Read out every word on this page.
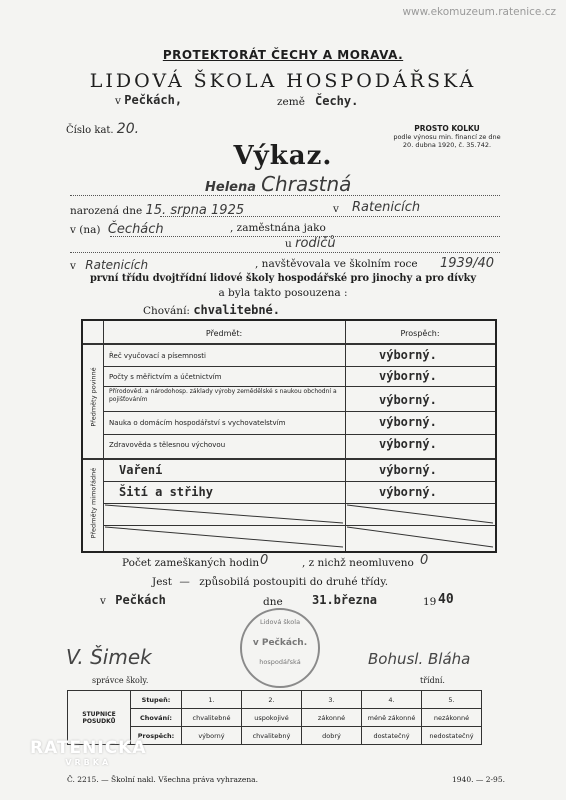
www.ekomuzeum.ratenice.cz
PROTEKTORÁT ČECHY A MORAVA.
LIDOVÁ ŠKOLA HOSPODÁŘSKÁ
v Pečkách,	země Čechy.
Číslo kat. 20.	PROSTO KOLKU
podle výnosu min. financí ze dne
20. dubna 1920, č. 35.742.
Výkaz.
Helena Chrastná
narozená dne 15. srpna 1925	v Ratenicích
v (na) Čechách	, zaměstnána jako
u rodičů
v Ratenicích	, navštěvovala ve školním roce 1939/40
první třídu dvojtřídní lidové školy hospodářské pro jinochy a pro dívky
a byla takto posouzena :
Chování: chvalitebné.
Předmět:	Prospěch:
Předměty povinné
Předměty mimořádné
Řeč vyučovací a písemnosti	výborný.
Počty s měřictvím a účetnictvím	výborný.
Přírodověd. a národohosp. základy výroby zemědělské s naukou obchodní a pojišťováním	výborný.
Nauka o domácím hospodářství s vychovatelstvím	výborný.
Zdravověda s tělesnou výchovou	výborný.
Vaření	výborný.
Šití a střihy	výborný.
Počet zameškaných hodin 0	, z nichž neomluveno 0
Jest — způsobilá postoupiti do druhé třídy.
v Pečkách	dne 31.března	19 40
Lidová škola
v Pečkách.
hospodářská
V. Šimek
správce školy.
Bohusl. Bláha
třídní.
STUPNICE
POSUDKŮ	Stupeň:	1.	2.	3.	4.	5.
	Chování:	chvalitebné	uspokojivé	zákonné	méně zákonné	nezákonné
	Prospěch:	výborný	chvalitebný	dobrý	dostatečný	nedostatečný
RATENICKÁ
VRBKA
Č. 2215. — Školní nakl. Všechna práva vyhrazena.	1940. — 2-95.
